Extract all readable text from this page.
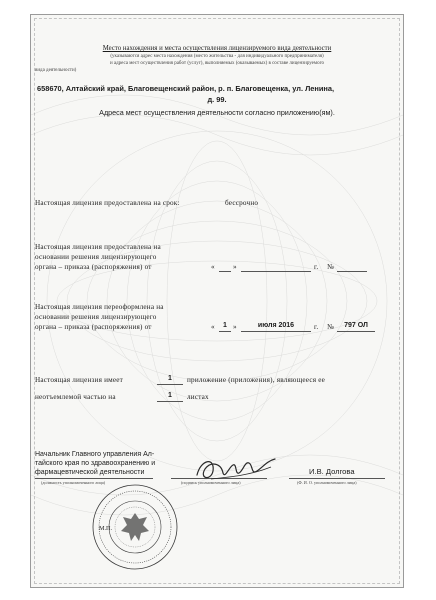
Место нахождения и места осуществления лицензируемого вида деятельности
(указываются адрес места нахождения (место жительства - для индивидуального предпринимателя)
и адреса мест осуществления работ (услуг), выполняемых (оказываемых) в составе лицензируемого
вида деятельности)
658670, Алтайский край, Благовещенский район, р. п. Благовещенка, ул. Ленина,
д. 99.
Адреса мест осуществления деятельности согласно приложению(ям).
Настоящая лицензия предоставлена на срок:	бессрочно
Настоящая лицензия предоставлена на
основании решения лицензирующего
органа – приказа (распоряжения) от	«	»	г. №
Настоящая лицензия переоформлена на
основании решения лицензирующего
органа – приказа (распоряжения) от	«	1 »	июля 2016	г. №	797 ОЛ
Настоящая лицензия имеет	1	приложение (приложения), являющееся ее
неотъемлемой частью на	1	листах
Начальник Главного управления Ал-
тайского края по здравоохранению и
фармацевтической деятельности
(должность уполномоченного лица)	(подпись уполномоченного лица)
И.В. Долгова
(Ф. И. О. уполномоченного лица)
М.П.
